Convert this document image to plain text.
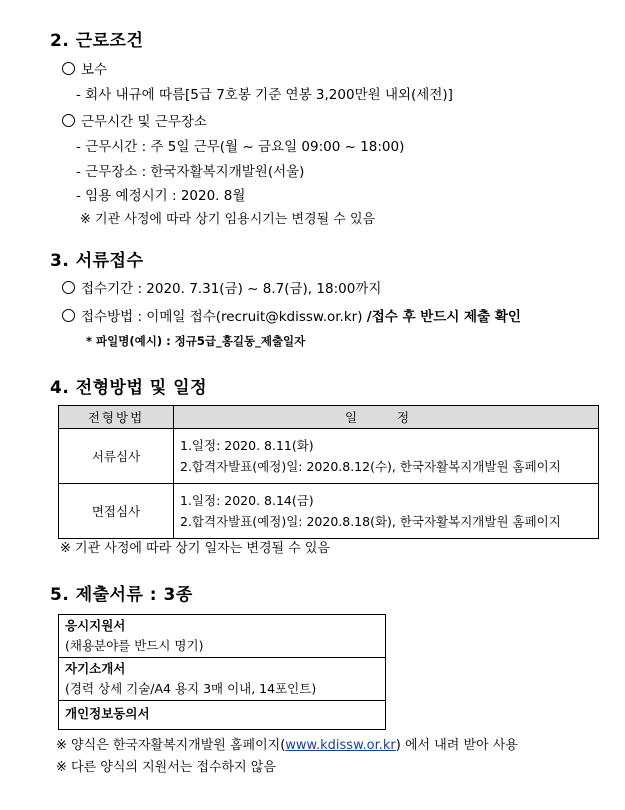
2. 근로조건
보수
- 회사 내규에 따름[5급 7호봉 기준 연봉 3,200만원 내외(세전)]
근무시간 및 근무장소
- 근무시간 : 주 5일 근무(월 ~ 금요일 09:00 ~ 18:00)
- 근무장소 : 한국자활복지개발원(서울)
- 임용 예정시기 : 2020. 8월
※ 기관 사정에 따라 상기 임용시기는 변경될 수 있음
3. 서류접수
접수기간 : 2020. 7.31(금) ~ 8.7(금), 18:00까지
접수방법 : 이메일 접수(recruit@kdissw.or.kr) /접수 후 반드시 제출 확인
* 파일명(예시) : 정규5급_홍길동_제출일자
4. 전형방법 및 일정
전형방법	일 정
서류심사	1.일정: 2020. 8.11(화)
2.합격자발표(예정)일: 2020.8.12(수), 한국자활복지개발원 홈페이지

면접심사	1.일정: 2020. 8.14(금)
2.합격자발표(예정)일: 2020.8.18(화), 한국자활복지개발원 홈페이지
※ 기관 사정에 따라 상기 일자는 변경될 수 있음
5. 제출서류 : 3종
응시지원서
(채용분야를 반드시 명기)

자기소개서
(경력 상세 기술/A4 용지 3매 이내, 14포인트)

개인정보동의서
※ 양식은 한국자활복지개발원 홈페이지(www.kdissw.or.kr) 에서 내려 받아 사용
※ 다른 양식의 지원서는 접수하지 않음
